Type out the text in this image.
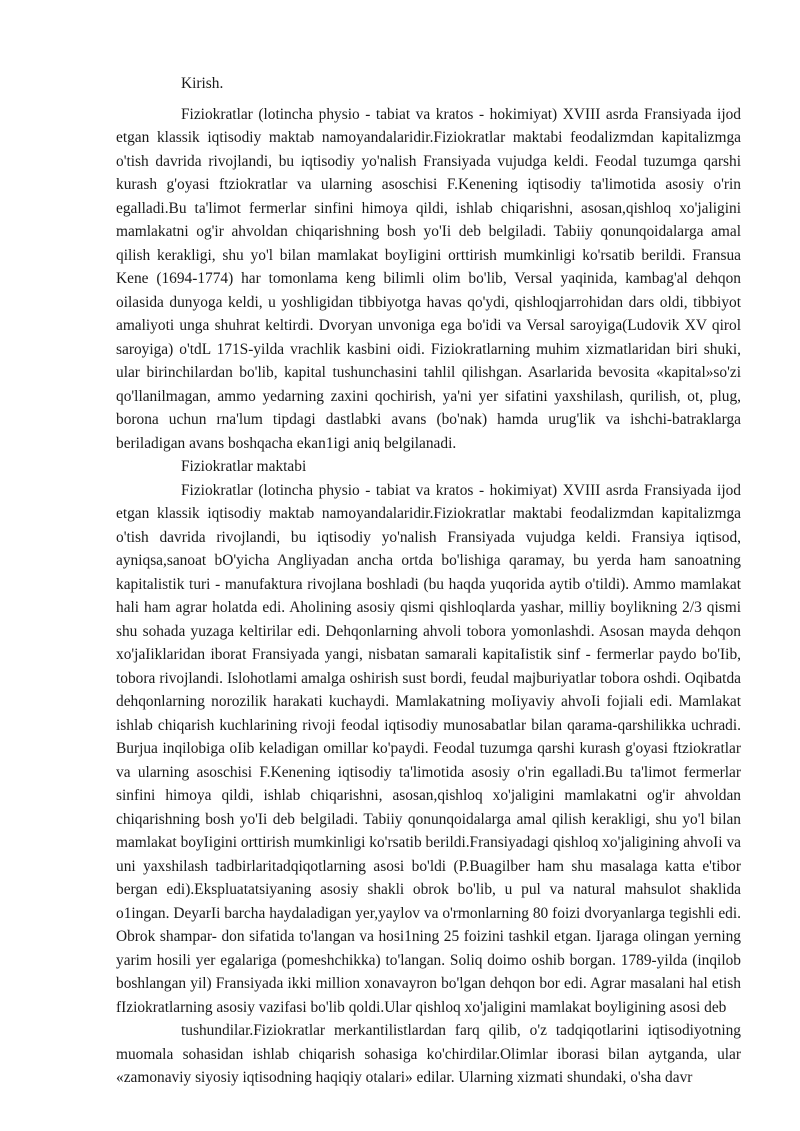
Kirish.

Fiziokratlar (lotincha physio - tabiat va kratos - hokimiyat) XVIII asrda Fransiyada ijod etgan klassik iqtisodiy maktab namoyandalaridir.Fiziokratlar maktabi feodalizmdan kapitalizmga o'tish davrida rivojlandi, bu iqtisodiy yo'nalish Fransiyada vujudga keldi. Feodal tuzumga qarshi kurash g'oyasi ftziokratlar va ularning asoschisi F.Kenening iqtisodiy ta'limotida asosiy o'rin egalladi.Bu ta'limot fermerlar sinfini himoya qildi, ishlab chiqarishni, asosan,qishloq xo'jaligini mamlakatni og'ir ahvoldan chiqarishning bosh yo'Ii deb belgiladi. Tabiiy qonunqoidalarga amal qilish kerakligi, shu yo'l bilan mamlakat boyIigini orttirish mumkinligi ko'rsatib berildi. Fransua Kene (1694-1774) har tomonlama keng bilimli olim bo'lib, Versal yaqinida, kambag'al dehqon oilasida dunyoga keldi, u yoshligidan tibbiyotga havas qo'ydi, qishloqjarrohidan dars oldi, tibbiyot amaliyoti unga shuhrat keltirdi. Dvoryan unvoniga ega bo'idi va Versal saroyiga(Ludovik XV qirol saroyiga) o'tdL 171S-yilda vrachlik kasbini oidi. Fiziokratlarning muhim xizmatlaridan biri shuki, ular birinchilardan bo'lib, kapital tushunchasini tahlil qilishgan. Asarlarida bevosita «kapital»so'zi qo'llanilmagan, ammo yedarning zaxini qochirish, ya'ni yer sifatini yaxshilash, qurilish, ot, plug, borona uchun rna'lum tipdagi dastlabki avans (bo'nak) hamda urug'lik va ishchi-batraklarga beriladigan avans boshqacha ekan1igi aniq belgilanadi.

Fiziokratlar maktabi

Fiziokratlar (lotincha physio - tabiat va kratos - hokimiyat) XVIII asrda Fransiyada ijod etgan klassik iqtisodiy maktab namoyandalaridir.Fiziokratlar maktabi feodalizmdan kapitalizmga o'tish davrida rivojlandi, bu iqtisodiy yo'nalish Fransiyada vujudga keldi. Fransiya iqtisod, ayniqsa,sanoat bO'yicha Angliyadan ancha ortda bo'lishiga qaramay, bu yerda ham sanoatning kapitalistik turi - manufaktura rivojlana boshladi (bu haqda yuqorida aytib o'tildi). Ammo mamlakat hali ham agrar holatda edi. Aholining asosiy qismi qishloqlarda yashar, milliy boylikning 2/3 qismi shu sohada yuzaga keltirilar edi. Dehqonlarning ahvoli tobora yomonlashdi. Asosan mayda dehqon xo'jaIiklaridan iborat Fransiyada yangi, nisbatan samarali kapitaIistik sinf - fermerlar paydo bo'Iib, tobora rivojlandi. Islohotlami amalga oshirish sust bordi, feudal majburiyatlar tobora oshdi. Oqibatda dehqonlarning norozilik harakati kuchaydi. Mamlakatning moIiyaviy ahvoIi fojiali edi. Mamlakat ishlab chiqarish kuchlarining rivoji feodal iqtisodiy munosabatlar bilan qarama-qarshilikka uchradi. Burjua inqilobiga oIib keladigan omillar ko'paydi. Feodal tuzumga qarshi kurash g'oyasi ftziokratlar va ularning asoschisi F.Kenening iqtisodiy ta'limotida asosiy o'rin egalladi.Bu ta'limot fermerlar sinfini himoya qildi, ishlab chiqarishni, asosan,qishloq xo'jaligini mamlakatni og'ir ahvoldan chiqarishning bosh yo'Ii deb belgiladi. Tabiiy qonunqoidalarga amal qilish kerakligi, shu yo'l bilan mamlakat boyIigini orttirish mumkinligi ko'rsatib berildi.Fransiyadagi qishloq xo'jaligining ahvoIi va uni yaxshilash tadbirlaritadqiqotlarning asosi bo'ldi (P.Buagilber ham shu masalaga katta e'tibor bergan edi).Ekspluatatsiyaning asosiy shakli obrok bo'lib, u pul va natural mahsulot shaklida o1ingan. DeyarIi barcha haydaladigan yer,yaylov va o'rmonlarning 80 foizi dvoryanlarga tegishli edi. Obrok shampar- don sifatida to'langan va hosi1ning 25 foizini tashkil etgan. Ijaraga olingan yerning yarim hosili yer egalariga (pomeshchikka) to'langan. Soliq doimo oshib borgan. 1789-yilda (inqilob boshlangan yil) Fransiyada ikki million xonavayron bo'lgan dehqon bor edi. Agrar masalani hal etish fIziokratlarning asosiy vazifasi bo'lib qoldi.Ular qishloq xo'jaligini mamlakat boyligining asosi deb

tushundilar.Fiziokratlar merkantilistlardan farq qilib, o'z tadqiqotlarini iqtisodiyotning muomala sohasidan ishlab chiqarish sohasiga ko'chirdilar.Olimlar iborasi bilan aytganda, ular «zamonaviy siyosiy iqtisodning haqiqiy otalari» edilar. Ularning xizmati shundaki, o'sha davr
